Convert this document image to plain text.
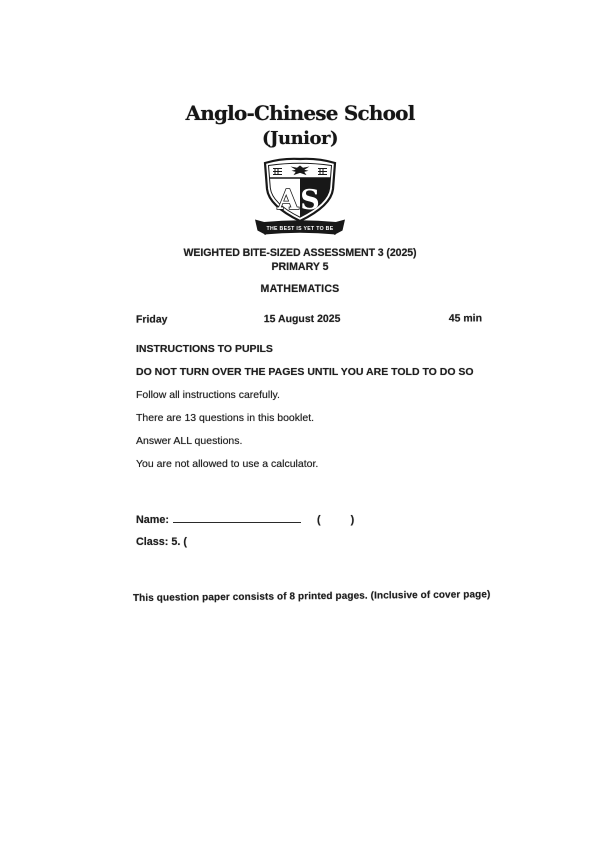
Anglo-Chinese School
(Junior)
A S
THE BEST IS YET TO BE
WEIGHTED BITE-SIZED ASSESSMENT 3 (2025)
PRIMARY 5
MATHEMATICS
Friday	15 August 2025	45 min
INSTRUCTIONS TO PUPILS
DO NOT TURN OVER THE PAGES UNTIL YOU ARE TOLD TO DO SO
Follow all instructions carefully.
There are 13 questions in this booklet.
Answer ALL questions.
You are not allowed to use a calculator.
Name:	(	)
Class: 5. (
This question paper consists of 8 printed pages. (Inclusive of cover page)
